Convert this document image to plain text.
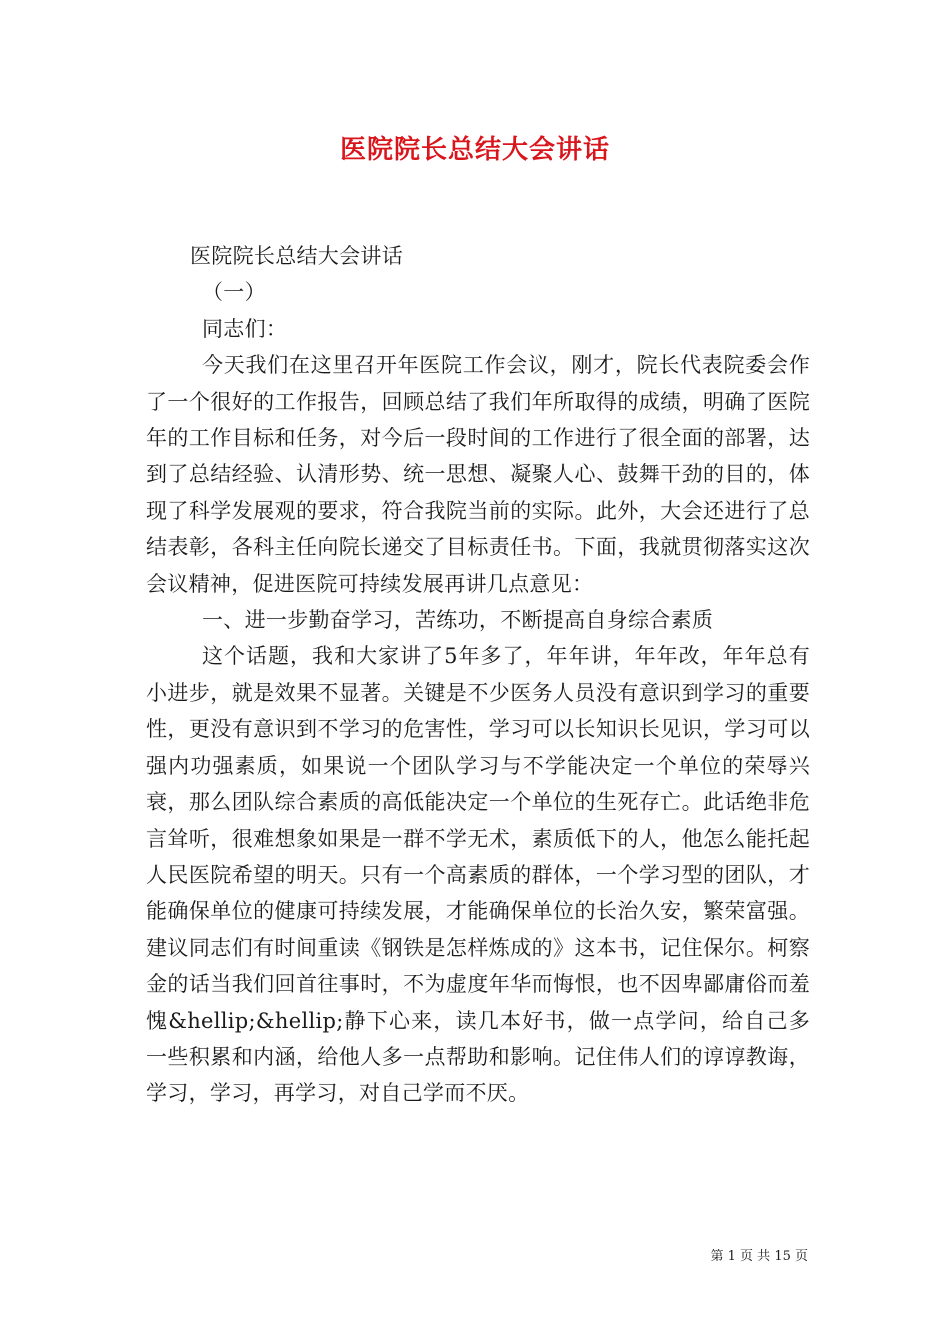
医院院长总结大会讲话

医院院长总结大会讲话

（一）

同志们：

今天我们在这里召开年医院工作会议，刚才，院长代表院委会作了一个很好的工作报告，回顾总结了我们年所取得的成绩，明确了医院年的工作目标和任务，对今后一段时间的工作进行了很全面的部署，达到了总结经验、认清形势、统一思想、凝聚人心、鼓舞干劲的目的，体现了科学发展观的要求，符合我院当前的实际。此外，大会还进行了总结表彰，各科主任向院长递交了目标责任书。下面，我就贯彻落实这次会议精神，促进医院可持续发展再讲几点意见：

一、进一步勤奋学习，苦练功，不断提高自身综合素质

这个话题，我和大家讲了5年多了，年年讲，年年改，年年总有小进步，就是效果不显著。关键是不少医务人员没有意识到学习的重要性，更没有意识到不学习的危害性，学习可以长知识长见识，学习可以强内功强素质，如果说一个团队学习与不学能决定一个单位的荣辱兴衰，那么团队综合素质的高低能决定一个单位的生死存亡。此话绝非危言耸听，很难想象如果是一群不学无术，素质低下的人，他怎么能托起人民医院希望的明天。只有一个高素质的群体，一个学习型的团队，才能确保单位的健康可持续发展，才能确保单位的长治久安，繁荣富强。建议同志们有时间重读《钢铁是怎样炼成的》这本书，记住保尔。柯察金的话当我们回首往事时，不为虚度年华而悔恨，也不因卑鄙庸俗而羞愧&hellip;&hellip;静下心来，读几本好书，做一点学问，给自己多一些积累和内涵，给他人多一点帮助和影响。记住伟人们的谆谆教诲，学习，学习，再学习，对自己学而不厌。

第 1 页 共 15 页
